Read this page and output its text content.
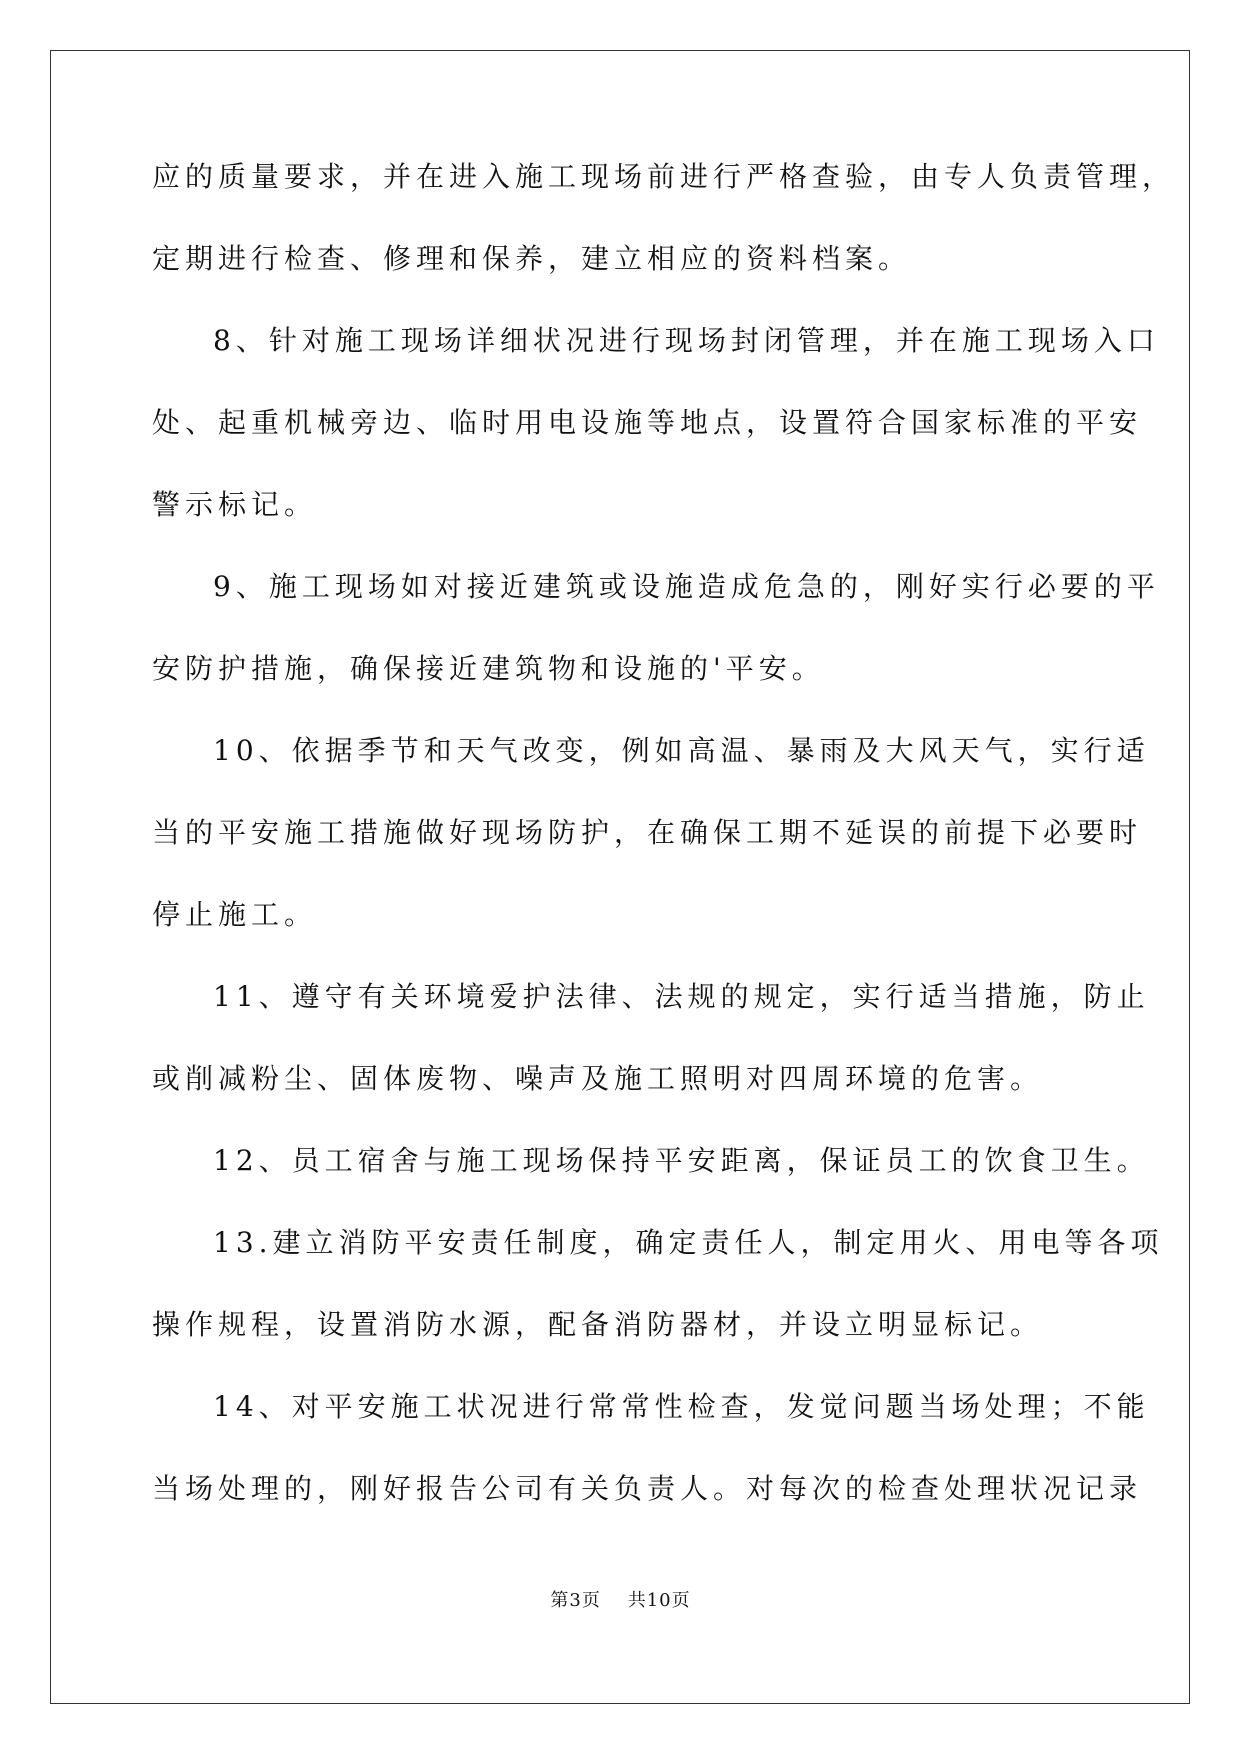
应的质量要求，并在进入施工现场前进行严格查验，由专人负责管理，
定期进行检查、修理和保养，建立相应的资料档案。
8、针对施工现场详细状况进行现场封闭管理，并在施工现场入口
处、起重机械旁边、临时用电设施等地点，设置符合国家标准的平安
警示标记。
9、施工现场如对接近建筑或设施造成危急的，刚好实行必要的平
安防护措施，确保接近建筑物和设施的'平安。
10、依据季节和天气改变，例如高温、暴雨及大风天气，实行适
当的平安施工措施做好现场防护，在确保工期不延误的前提下必要时
停止施工。
11、遵守有关环境爱护法律、法规的规定，实行适当措施，防止
或削减粉尘、固体废物、噪声及施工照明对四周环境的危害。
12、员工宿舍与施工现场保持平安距离，保证员工的饮食卫生。
13.建立消防平安责任制度，确定责任人，制定用火、用电等各项
操作规程，设置消防水源，配备消防器材，并设立明显标记。
14、对平安施工状况进行常常性检查，发觉问题当场处理；不能
当场处理的，刚好报告公司有关负责人。对每次的检查处理状况记录
第3页 共10页
